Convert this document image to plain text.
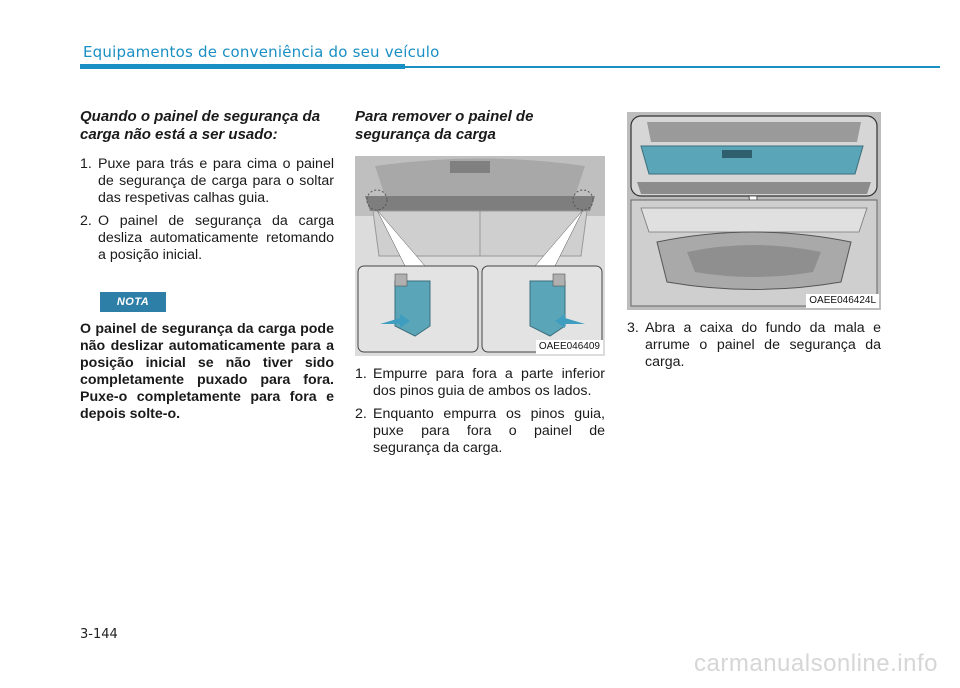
Equipamentos de conveniência do seu veículo
Quando o painel de segurança da carga não está a ser usado:
1. Puxe para trás e para cima o painel de segurança de carga para o soltar das respetivas calhas guia.
2. O painel de segurança da carga desliza automaticamente retomando a posição inicial.
NOTA
O painel de segurança da carga pode não deslizar automaticamente para a posição inicial se não tiver sido completamente puxado para fora. Puxe-o completamente para fora e depois solte-o.
Para remover o painel de segurança da carga
OAEE046409
1. Empurre para fora a parte inferior dos pinos guia de ambos os lados.
2. Enquanto empurra os pinos guia, puxe para fora o painel de segurança da carga.
OAEE046424L
3. Abra a caixa do fundo da mala e arrume o painel de segurança da carga.
3-144
carmanualsonline.info
